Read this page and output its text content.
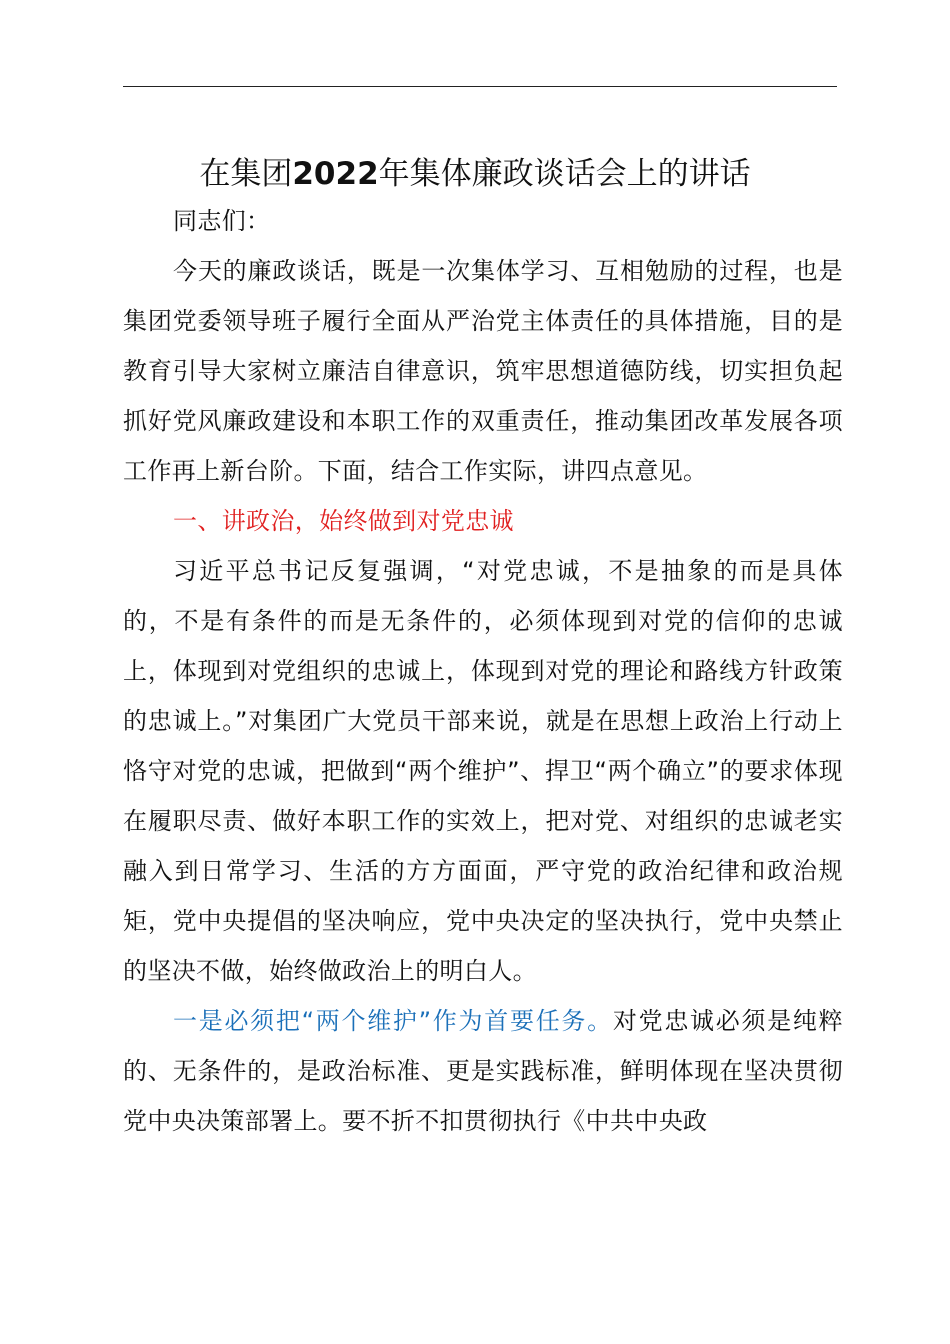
在集团2022年集体廉政谈话会上的讲话

同志们：

今天的廉政谈话，既是一次集体学习、互相勉励的过程，也是集团党委领导班子履行全面从严治党主体责任的具体措施，目的是教育引导大家树立廉洁自律意识，筑牢思想道德防线，切实担负起抓好党风廉政建设和本职工作的双重责任，推动集团改革发展各项工作再上新台阶。下面，结合工作实际，讲四点意见。

一、讲政治，始终做到对党忠诚

习近平总书记反复强调，“对党忠诚，不是抽象的而是具体的，不是有条件的而是无条件的，必须体现到对党的信仰的忠诚上，体现到对党组织的忠诚上，体现到对党的理论和路线方针政策的忠诚上。”对集团广大党员干部来说，就是在思想上政治上行动上恪守对党的忠诚，把做到“两个维护”、捍卫“两个确立”的要求体现在履职尽责、做好本职工作的实效上，把对党、对组织的忠诚老实融入到日常学习、生活的方方面面，严守党的政治纪律和政治规矩，党中央提倡的坚决响应，党中央决定的坚决执行，党中央禁止的坚决不做，始终做政治上的明白人。

一是必须把“两个维护”作为首要任务。对党忠诚必须是纯粹的、无条件的，是政治标准、更是实践标准，鲜明体现在坚决贯彻党中央决策部署上。要不折不扣贯彻执行《中共中央政
